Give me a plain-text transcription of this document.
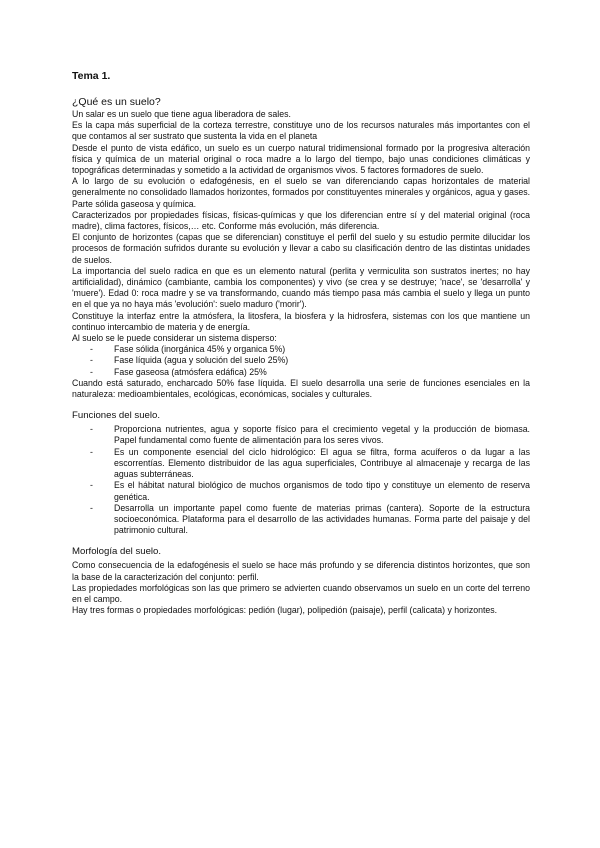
Tema 1.
¿Qué es un suelo?

Un salar es un suelo que tiene agua liberadora de sales.

Es la capa más superficial de la corteza terrestre, constituye uno de los recursos naturales más importantes con el que contamos al ser sustrato que sustenta la vida en el planeta

Desde el punto de vista edáfico, un suelo es un cuerpo natural tridimensional formado por la progresiva alteración física y química de un material original o roca madre a lo largo del tiempo, bajo unas condiciones climáticas y topográficas determinadas y sometido a la actividad de organismos vivos. 5 factores formadores de suelo.

A lo largo de su evolución o edafogénesis, en el suelo se van diferenciando capas horizontales de material generalmente no consolidado llamados horizontes, formados por constituyentes minerales y orgánicos, agua y gases. Parte sólida gaseosa y química.

Caracterizados por propiedades físicas, físicas-químicas y que los diferencian entre sí y del material original (roca madre), clima factores, físicos,… etc. Conforme más evolución, más diferencia.

El conjunto de horizontes (capas que se diferencian) constituye el perfil del suelo y su estudio permite dilucidar los procesos de formación sufridos durante su evolución y llevar a cabo su clasificación dentro de las distintas unidades de suelos.

La importancia del suelo radica en que es un elemento natural (perlita y vermiculita son sustratos inertes; no hay artificialidad), dinámico (cambiante, cambia los componentes) y vivo (se crea y se destruye; 'nace', se 'desarrolla' y 'muere'). Edad 0: roca madre y se va transformando, cuando más tiempo pasa más cambia el suelo y llega un punto en el que ya no haya más 'evolución': suelo maduro ('morir').

Constituye la interfaz entre la atmósfera, la litosfera, la biosfera y la hidrosfera, sistemas con los que mantiene un continuo intercambio de materia y de energía.

Al suelo se le puede considerar un sistema disperso:

- Fase sólida (inorgánica 45% y organica 5%)
- Fase líquida (agua y solución del suelo 25%)
- Fase gaseosa (atmósfera edáfica) 25%

Cuando está saturado, encharcado 50% fase líquida. El suelo desarrolla una serie de funciones esenciales en la naturaleza: medioambientales, ecológicas, económicas, sociales y culturales.

Funciones del suelo.
- Proporciona nutrientes, agua y soporte físico para el crecimiento vegetal y la producción de biomasa. Papel fundamental como fuente de alimentación para los seres vivos.
- Es un componente esencial del ciclo hidrológico: El agua se filtra, forma acuíferos o da lugar a las escorrentías. Elemento distribuidor de las agua superficiales, Contribuye al almacenaje y recarga de las aguas subterráneas.
- Es el hábitat natural biológico de muchos organismos de todo tipo y constituye un elemento de reserva genética.
- Desarrolla un importante papel como fuente de materias primas (cantera). Soporte de la estructura socioeconómica. Plataforma para el desarrollo de las actividades humanas. Forma parte del paisaje y del patrimonio cultural.
Morfología del suelo.

Como consecuencia de la edafogénesis el suelo se hace más profundo y se diferencia distintos horizontes, que son la base de la caracterización del conjunto: perfil.

Las propiedades morfológicas son las que primero se advierten cuando observamos un suelo en un corte del terreno en el campo.

Hay tres formas o propiedades morfológicas: pedión (lugar), polipedión (paisaje), perfil (calicata) y horizontes.
